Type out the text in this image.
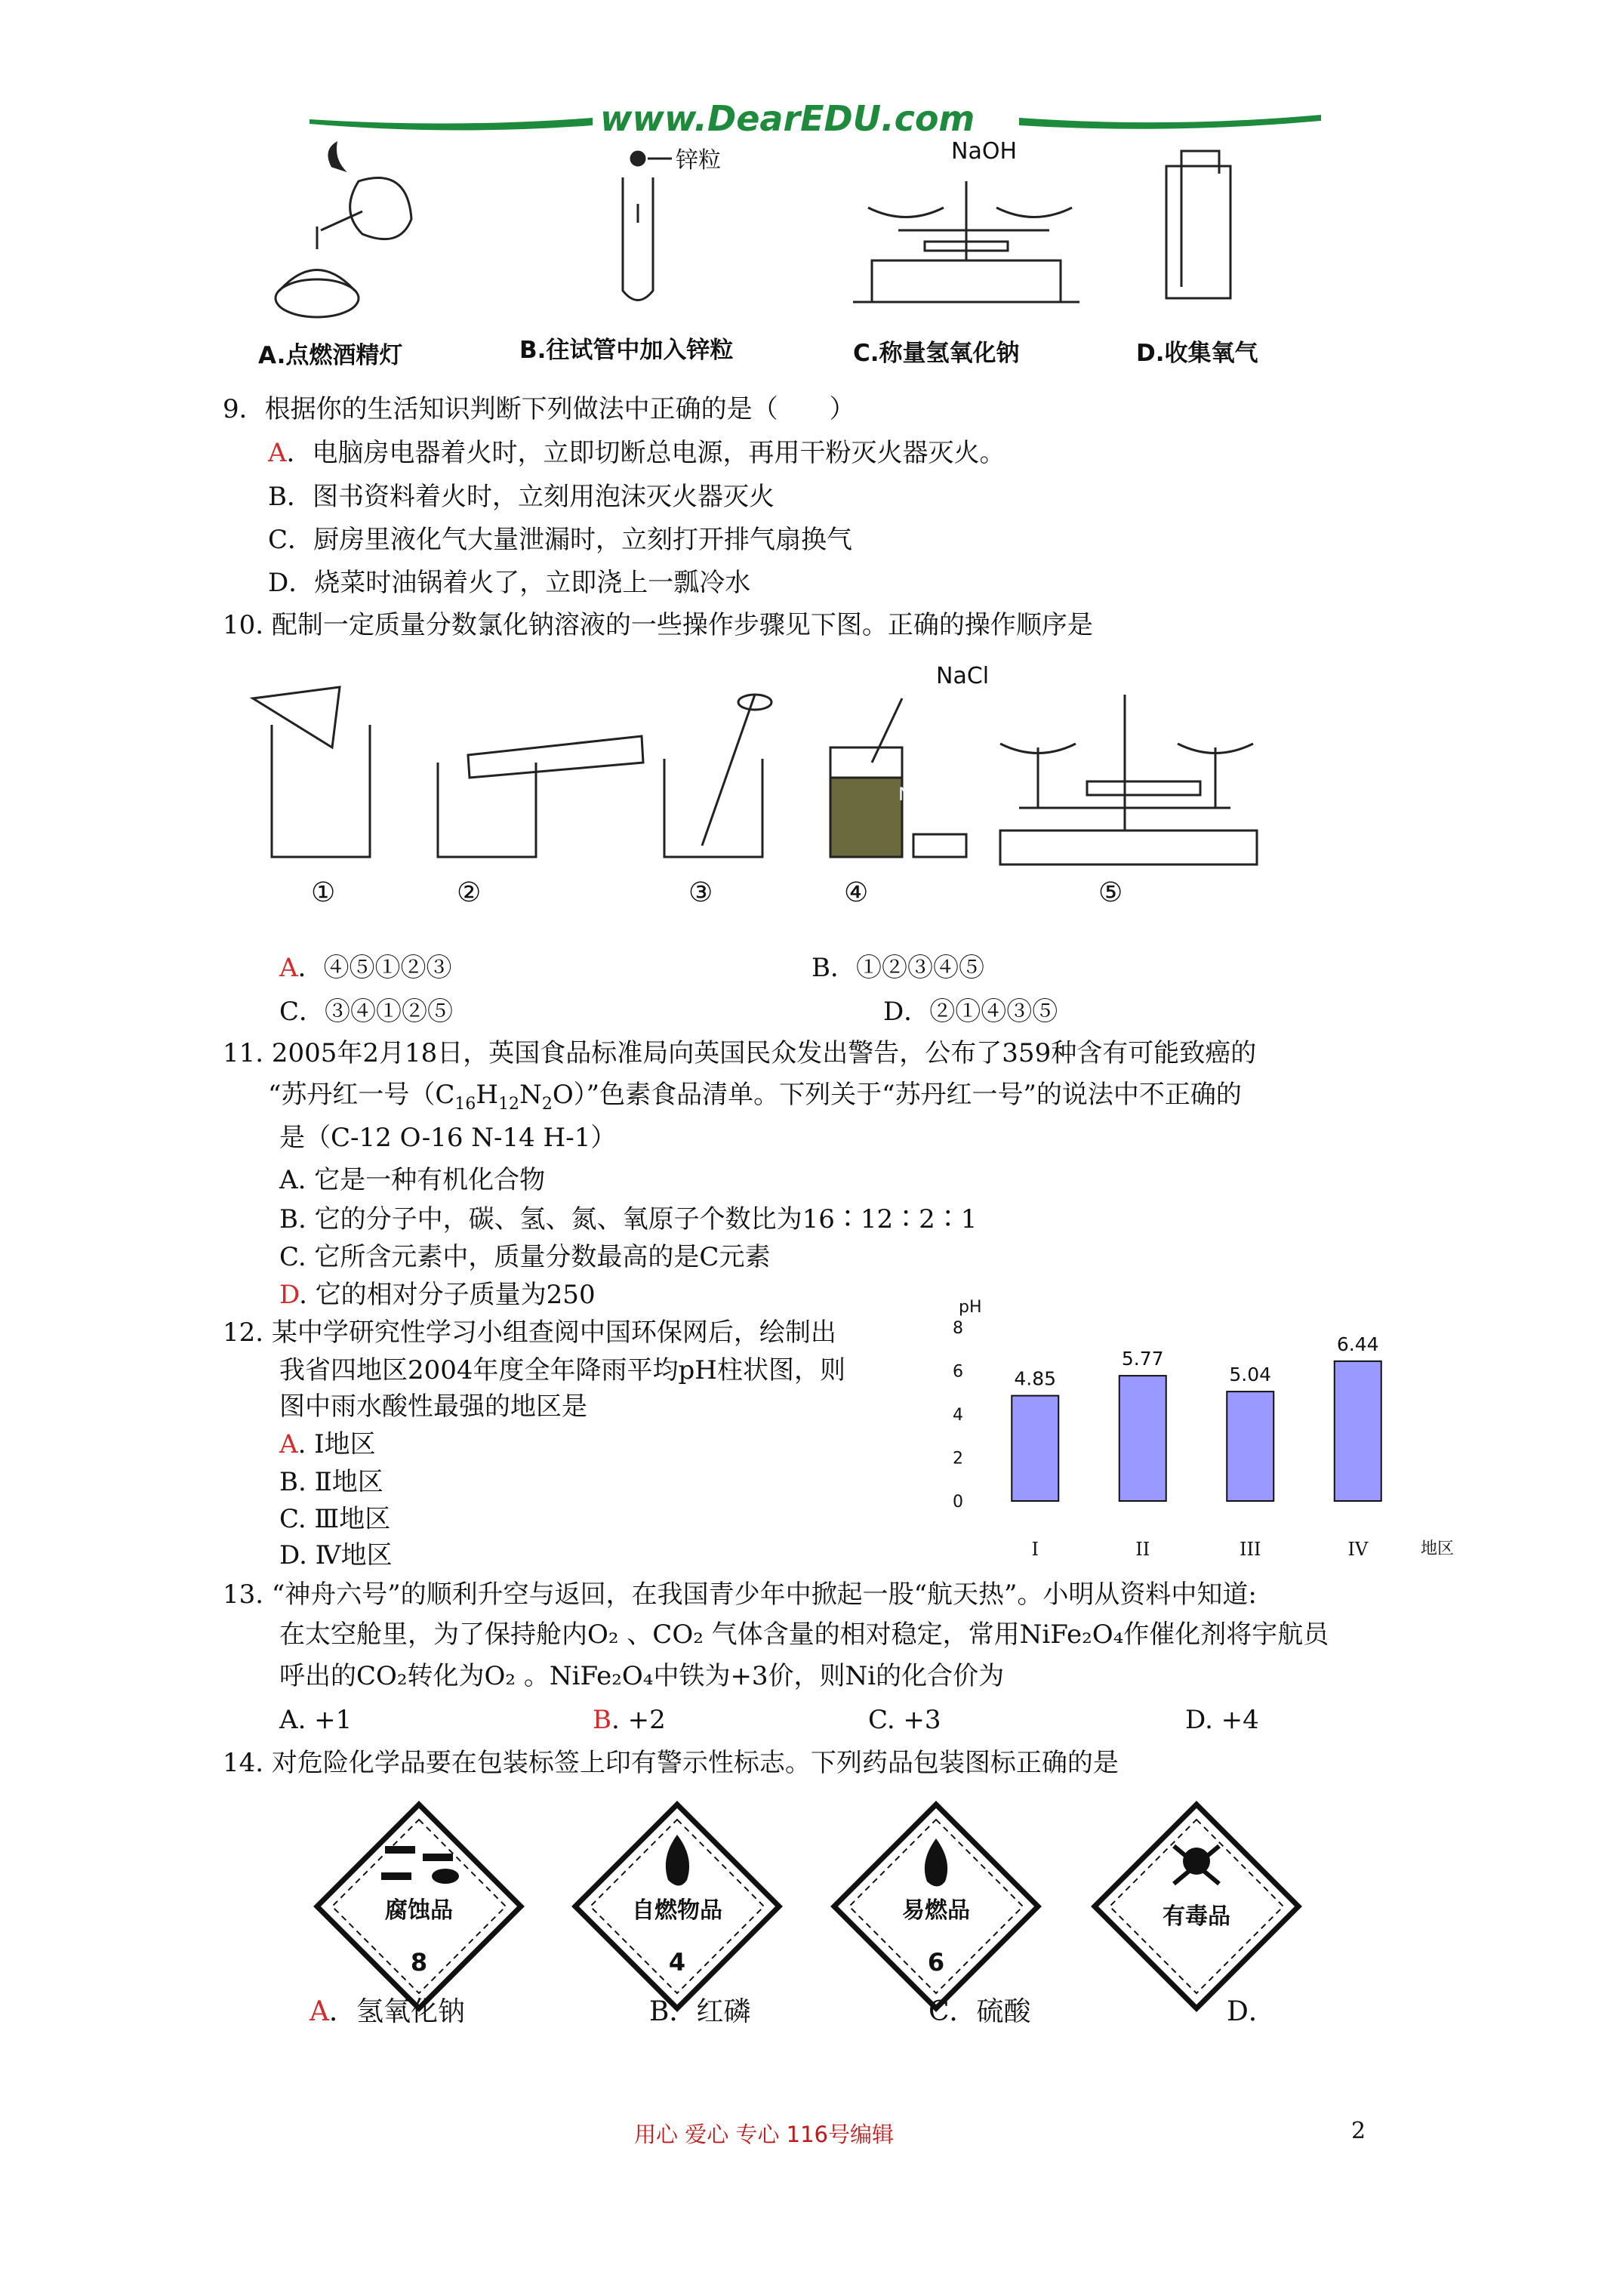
www.DearEDU.com
锌粒	NaOH
A.点燃酒精灯	B.往试管中加入锌粒	C.称量氢氧化钠	D.收集氧气
9．根据你的生活知识判断下列做法中正确的是（　　）
A．电脑房电器着火时，立即切断总电源，再用干粉灭火器灭火。
B．图书资料着火时，立刻用泡沫灭火器灭火
C．厨房里液化气大量泄漏时，立刻打开排气扇换气
D．烧菜时油锅着火了，立即浇上一瓢冷水
10. 配制一定质量分数氯化钠溶液的一些操作步骤见下图。正确的操作顺序是
NaCl
NaCl
①	②	③	④	⑤
A．④⑤①②③	B．①②③④⑤
C．③④①②⑤	D．②①④③⑤
11. 2005年2月18日，英国食品标准局向英国民众发出警告，公布了359种含有可能致癌的
“苏丹红一号$(C_{16}H_{12}N_2O)$”色素食品清单。下列关于“苏丹红一号”的说法中不正确的
是（C-12 O-16 N-14 H-1）
A. 它是一种有机化合物
B. 它的分子中，碳、氢、氮、氧原子个数比为16∶12∶2∶1
C. 它所含元素中，质量分数最高的是C元素
D. 它的相对分子质量为250
12. 某中学研究性学习小组查阅中国环保网后，绘制出
我省四地区2004年度全年降雨平均pH柱状图，则
图中雨水酸性最强的地区是
A. Ⅰ地区
B. Ⅱ地区
C. Ⅲ地区
D. Ⅳ地区
pH
0
2
4
6
8
4.85
I
5.77
II
5.04
III
6.44
IV	地区
13. “神舟六号”的顺利升空与返回，在我国青少年中掀起一股“航天热”。小明从资料中知道:
在太空舱里，为了保持舱内O₂ 、CO₂ 气体含量的相对稳定，常用NiFe₂O₄作催化剂将宇航员
呼出的CO₂转化为O₂ 。NiFe₂O₄中铁为+3价，则Ni的化合价为
A. +1	B. +2	C. +3	D. +4
14. 对危险化学品要在包装标签上印有警示性标志。下列药品包装图标正确的是
腐蚀品
8
自燃物品
4
易燃品
6
有毒品
A．氢氧化钠	B．红磷	C．硫酸	D．
用心 爱心 专心 116号编辑	2
